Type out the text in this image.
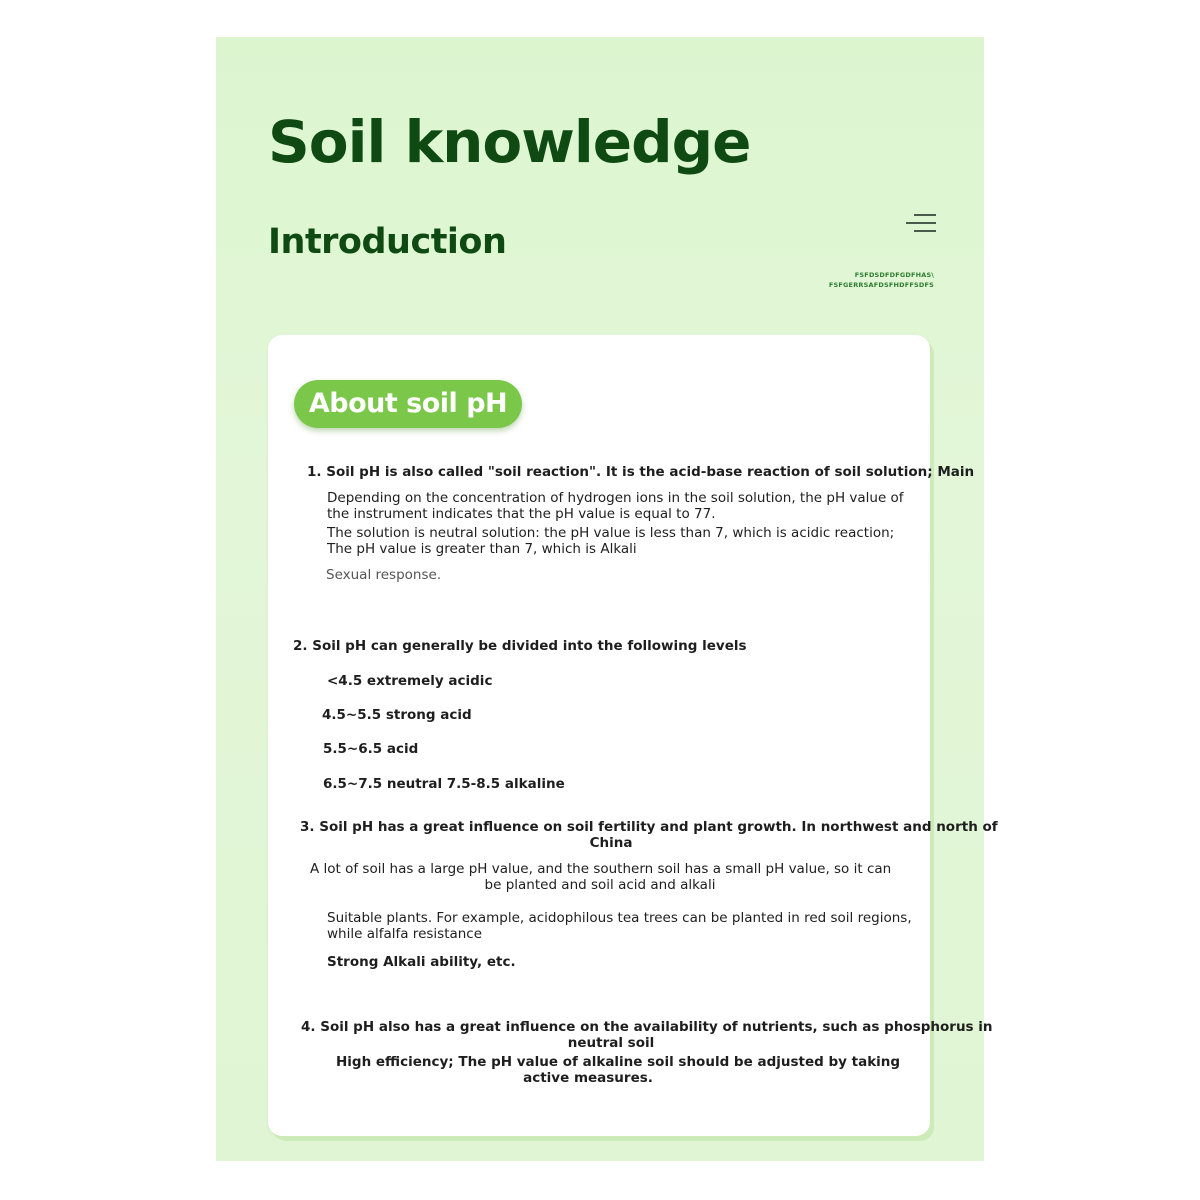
Soil knowledge
Introduction
FSFDSDFDFGDFHAS\
FSFGERRSAFDSFHDFFSDFS
About soil pH

1. Soil pH is also called "soil reaction". It is the acid-base reaction of soil solution; Main

Depending on the concentration of hydrogen ions in the soil solution, the pH value of

the instrument indicates that the pH value is equal to 77.

The solution is neutral solution: the pH value is less than 7, which is acidic reaction;

The pH value is greater than 7, which is Alkali

Sexual response.

2. Soil pH can generally be divided into the following levels

<4.5 extremely acidic

4.5~5.5 strong acid

5.5~6.5 acid

6.5~7.5 neutral 7.5-8.5 alkaline

3. Soil pH has a great influence on soil fertility and plant growth. In northwest and north of

China

A lot of soil has a large pH value, and the southern soil has a small pH value, so it can

be planted and soil acid and alkali

Suitable plants. For example, acidophilous tea trees can be planted in red soil regions,

while alfalfa resistance

Strong Alkali ability, etc.

4. Soil pH also has a great influence on the availability of nutrients, such as phosphorus in

neutral soil

High efficiency; The pH value of alkaline soil should be adjusted by taking

active measures.
